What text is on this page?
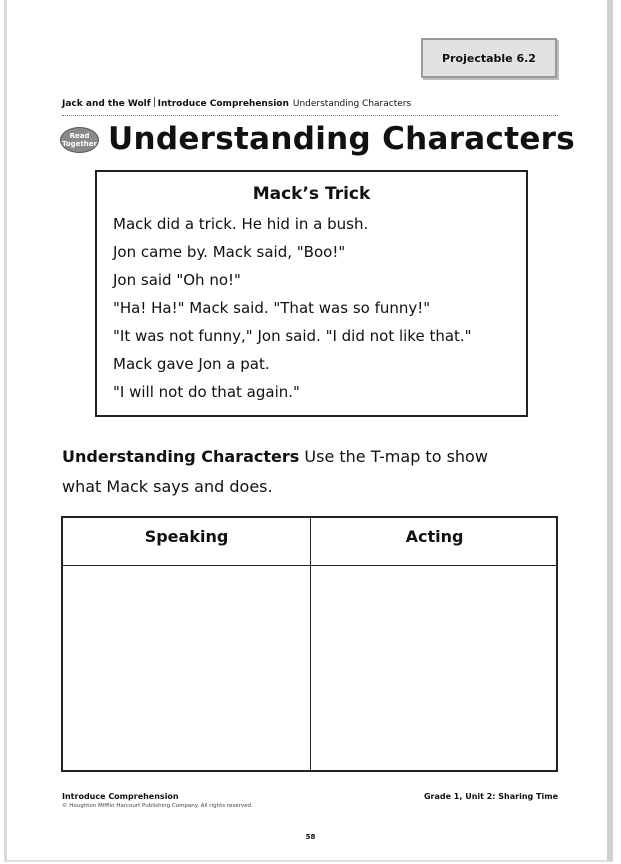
Projectable 6.2
Jack and the Wolf Introduce Comprehension Understanding Characters
Read
Together Understanding Characters
Mack’s Trick
Mack did a trick. He hid in a bush.
Jon came by. Mack said, "Boo!"
Jon said "Oh no!"
"Ha! Ha!" Mack said. "That was so funny!"
"It was not funny," Jon said. "I did not like that."
Mack gave Jon a pat.
"I will not do that again."
Understanding Characters Use the T-map to show what Mack says and does.
Speaking	Acting
Introduce Comprehension
© Houghton Mifflin Harcourt Publishing Company. All rights reserved.
Grade 1, Unit 2: Sharing Time
58
